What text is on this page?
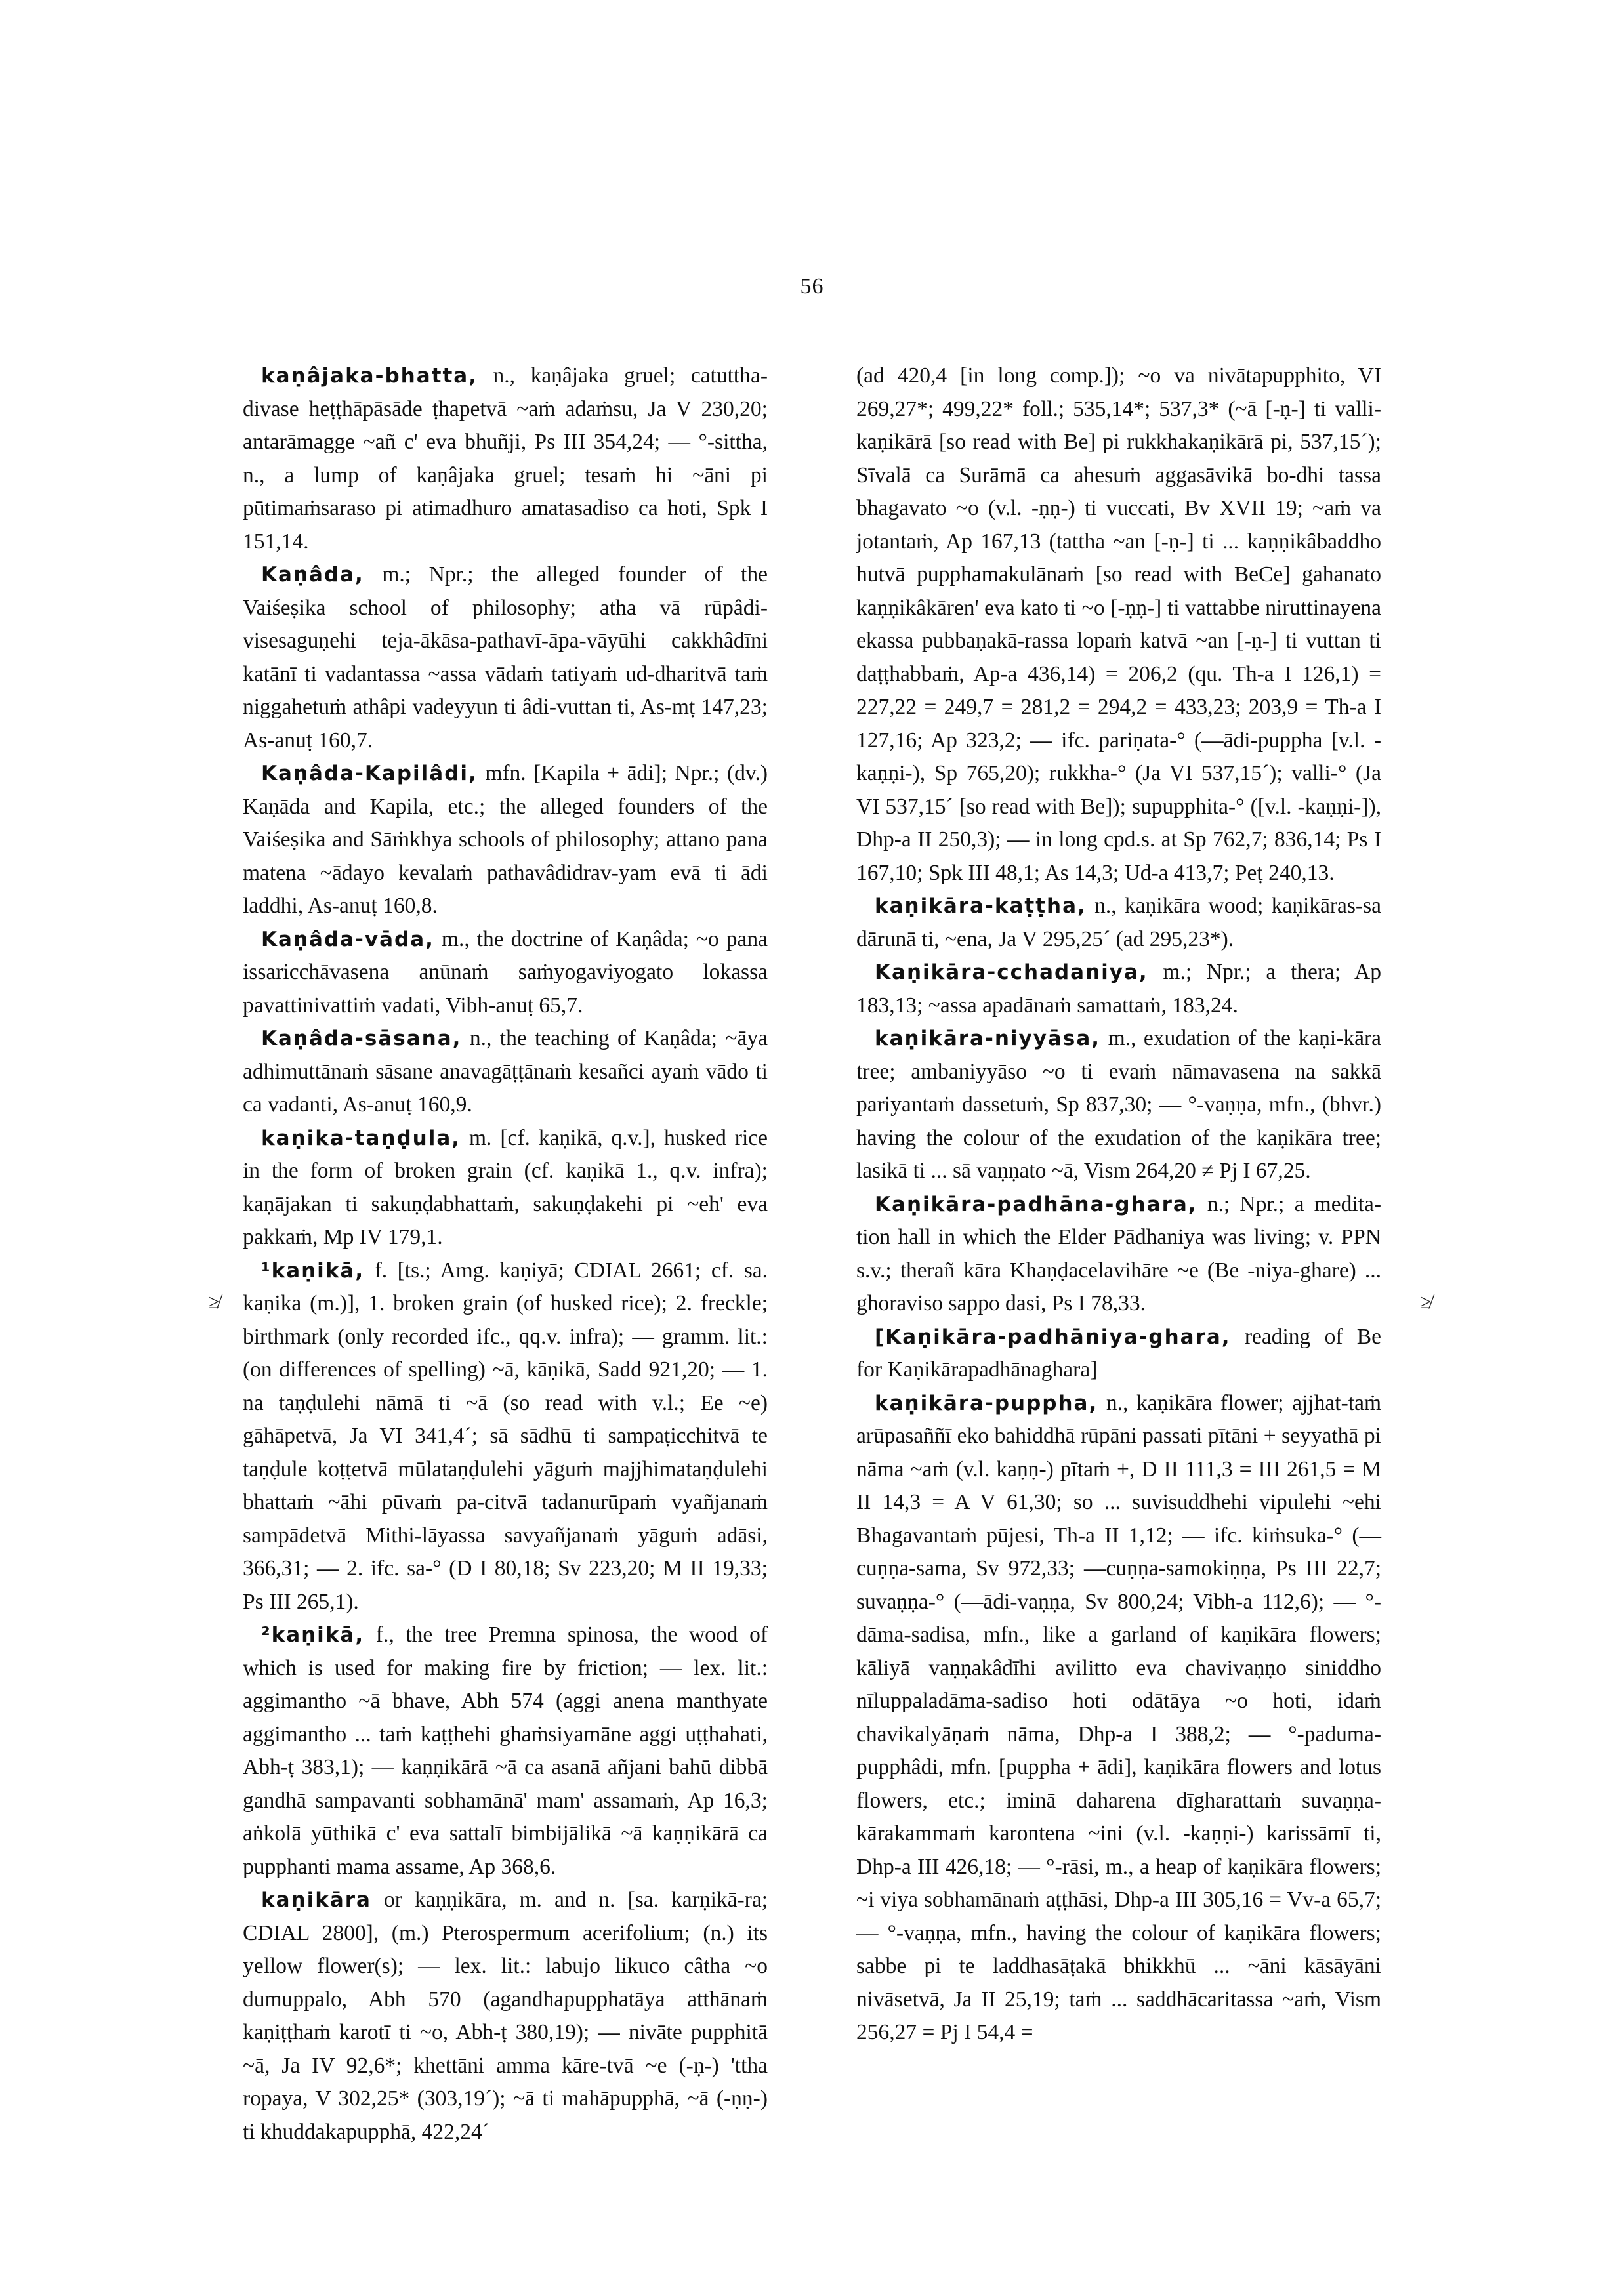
56
≱	≱

kaṇâjaka-bhatta, n., kaṇâjaka gruel; catuttha-divase heṭṭhāpāsāde ṭhapetvā ~aṁ adaṁsu, Ja V 230,20; antarāmagge ~añ c' eva bhuñji, Ps III 354,24; — °-sittha, n., a lump of kaṇâjaka gruel; tesaṁ hi ~āni pi pūtimaṁsaraso pi atimadhuro amatasadiso ca hoti, Spk I 151,14.

Kaṇâda, m.; Npr.; the alleged founder of the Vaiśeṣika school of philosophy; atha vā rūpâdi-visesaguṇehi teja-ākāsa-pathavī-āpa-vāyūhi cakkhâdīni katānī ti vadantassa ~assa vādaṁ tatiyaṁ ud-dharitvā taṁ niggahetuṁ athâpi vadeyyun ti âdi-vuttan ti, As-mṭ 147,23; As-anuṭ 160,7.

Kaṇâda-Kapilâdi, mfn. [Kapila + ādi]; Npr.; (dv.) Kaṇāda and Kapila, etc.; the alleged founders of the Vaiśeṣika and Sāṁkhya schools of philosophy; attano pana matena ~ādayo kevalaṁ pathavâdidrav-yam evā ti ādi laddhi, As-anuṭ 160,8.

Kaṇâda-vāda, m., the doctrine of Kaṇâda; ~o pana issaricchāvasena anūnaṁ saṁyogaviyogato lokassa pavattinivattiṁ vadati, Vibh-anuṭ 65,7.

Kaṇâda-sāsana, n., the teaching of Kaṇâda; ~āya adhimuttānaṁ sāsane anavagāṭṭānaṁ kesañci ayaṁ vādo ti ca vadanti, As-anuṭ 160,9.

kaṇika-taṇḍula, m. [cf. kaṇikā, q.v.], husked rice in the form of broken grain (cf. kaṇikā 1., q.v. infra); kaṇājakan ti sakuṇḍabhattaṁ, sakuṇḍakehi pi ~eh' eva pakkaṁ, Mp IV 179,1.

¹kaṇikā, f. [ts.; Amg. kaṇiyā; CDIAL 2661; cf. sa. kaṇika (m.)], 1. broken grain (of husked rice); 2. freckle; birthmark (only recorded ifc., qq.v. infra); — gramm. lit.: (on differences of spelling) ~ā, kāṇikā, Sadd 921,20; — 1. na taṇḍulehi nāmā ti ~ā (so read with v.l.; Ee ~e) gāhāpetvā, Ja VI 341,4´; sā sādhū ti sampaṭicchitvā te taṇḍule koṭṭetvā mūlataṇḍulehi yāguṁ majjhimataṇḍulehi bhattaṁ ~āhi pūvaṁ pa-citvā tadanurūpaṁ vyañjanaṁ sampādetvā Mithi-lāyassa savyañjanaṁ yāguṁ adāsi, 366,31; — 2. ifc. sa-° (D I 80,18; Sv 223,20; M II 19,33; Ps III 265,1).

²kaṇikā, f., the tree Premna spinosa, the wood of which is used for making fire by friction; — lex. lit.: aggimantho ~ā bhave, Abh 574 (aggi anena manthyate aggimantho ... taṁ kaṭṭhehi ghaṁsiyamāne aggi uṭṭhahati, Abh-ṭ 383,1); — kaṇṇikārā ~ā ca asanā añjani bahū dibbā gandhā sampavanti sobhamānā' mam' assamaṁ, Ap 16,3; aṅkolā yūthikā c' eva sattalī bimbijālikā ~ā kaṇṇikārā ca pupphanti mama assame, Ap 368,6.

kaṇikāra or kaṇṇikāra, m. and n. [sa. karṇikā-ra; CDIAL 2800], (m.) Pterospermum acerifolium; (n.) its yellow flower(s); — lex. lit.: labujo likuco câtha ~o dumuppalo, Abh 570 (agandhapupphatāya atthānaṁ kaṇiṭṭhaṁ karotī ti ~o, Abh-ṭ 380,19); — nivāte pupphitā ~ā, Ja IV 92,6*; khettāni amma kāre-tvā ~e (-ṇ-) 'ttha ropaya, V 302,25* (303,19´); ~ā ti mahāpupphā, ~ā (-ṇṇ-) ti khuddakapupphā, 422,24´

(ad 420,4 [in long comp.]); ~o va nivātapupphito, VI 269,27*; 499,22* foll.; 535,14*; 537,3* (~ā [-ṇ-] ti valli-kaṇikārā [so read with Be] pi rukkhakaṇikārā pi, 537,15´); Sīvalā ca Surāmā ca ahesuṁ aggasāvikā bo-dhi tassa bhagavato ~o (v.l. -ṇṇ-) ti vuccati, Bv XVII 19; ~aṁ va jotantaṁ, Ap 167,13 (tattha ~an [-ṇ-] ti ... kaṇṇikâbaddho hutvā pupphamakulānaṁ [so read with BeCe] gahanato kaṇṇikâkāren' eva kato ti ~o [-ṇṇ-] ti vattabbe niruttinayena ekassa pubbaṇakā-rassa lopaṁ katvā ~an [-ṇ-] ti vuttan ti daṭṭhabbaṁ, Ap-a 436,14) = 206,2 (qu. Th-a I 126,1) = 227,22 = 249,7 = 281,2 = 294,2 = 433,23; 203,9 = Th-a I 127,16; Ap 323,2; — ifc. pariṇata-° (—ādi-puppha [v.l. -kaṇṇi-), Sp 765,20); rukkha-° (Ja VI 537,15´); valli-° (Ja VI 537,15´ [so read with Be]); supupphita-° ([v.l. -kaṇṇi-]), Dhp-a II 250,3); — in long cpd.s. at Sp 762,7; 836,14; Ps I 167,10; Spk III 48,1; As 14,3; Ud-a 413,7; Peṭ 240,13.

kaṇikāra-kaṭṭha, n., kaṇikāra wood; kaṇikāras-sa dārunā ti, ~ena, Ja V 295,25´ (ad 295,23*).

Kaṇikāra-cchadaniya, m.; Npr.; a thera; Ap 183,13; ~assa apadānaṁ samattaṁ, 183,24.

kaṇikāra-niyyāsa, m., exudation of the kaṇi-kāra tree; ambaniyyāso ~o ti evaṁ nāmavasena na sakkā pariyantaṁ dassetuṁ, Sp 837,30; — °-vaṇṇa, mfn., (bhvr.) having the colour of the exudation of the kaṇikāra tree; lasikā ti ... sā vaṇṇato ~ā, Vism 264,20 ≠ Pj I 67,25.

Kaṇikāra-padhāna-ghara, n.; Npr.; a medita-tion hall in which the Elder Pādhaniya was living; v. PPN s.v.; therañ kāra Khaṇḍacelavihāre ~e (Be -niya-ghare) ... ghoraviso sappo dasi, Ps I 78,33.

[Kaṇikāra-padhāniya-ghara, reading of Be for Kaṇikārapadhānaghara]

kaṇikāra-puppha, n., kaṇikāra flower; ajjhat-taṁ arūpasaññī eko bahiddhā rūpāni passati pītāni + seyyathā pi nāma ~aṁ (v.l. kaṇṇ-) pītaṁ +, D II 111,3 = III 261,5 = M II 14,3 = A V 61,30; so ... suvisuddhehi vipulehi ~ehi Bhagavantaṁ pūjesi, Th-a II 1,12; — ifc. kiṁsuka-° (—cuṇṇa-sama, Sv 972,33; —cuṇṇa-samokiṇṇa, Ps III 22,7; suvaṇṇa-° (—ādi-vaṇṇa, Sv 800,24; Vibh-a 112,6); — °-dāma-sadisa, mfn., like a garland of kaṇikāra flowers; kāliyā vaṇṇakâdīhi avilitto eva chavivaṇṇo siniddho nīluppaladāma-sadiso hoti odātāya ~o hoti, idaṁ chavikalyāṇaṁ nāma, Dhp-a I 388,2; — °-paduma-pupphâdi, mfn. [puppha + ādi], kaṇikāra flowers and lotus flowers, etc.; iminā daharena dīgharattaṁ suvaṇṇa-kārakammaṁ karontena ~ini (v.l. -kaṇṇi-) karissāmī ti, Dhp-a III 426,18; — °-rāsi, m., a heap of kaṇikāra flowers; ~i viya sobhamānaṁ aṭṭhāsi, Dhp-a III 305,16 = Vv-a 65,7; — °-vaṇṇa, mfn., having the colour of kaṇikāra flowers; sabbe pi te laddhasāṭakā bhikkhū ... ~āni kāsāyāni nivāsetvā, Ja II 25,19; taṁ ... saddhācaritassa ~aṁ, Vism 256,27 = Pj I 54,4 =
